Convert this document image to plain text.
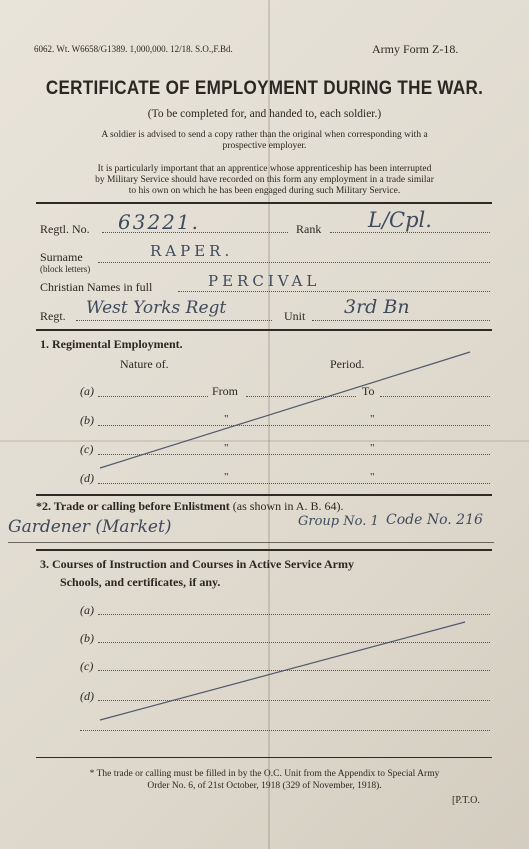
6062. Wt. W6658/G1389. 1,000,000. 12/18. S.O.,F.Bd.	Army Form Z-18.
CERTIFICATE OF EMPLOYMENT DURING THE WAR.
(To be completed for, and handed to, each soldier.)
A soldier is advised to send a copy rather than the original when corresponding with a
prospective employer.
It is particularly important that an apprentice whose apprenticeship has been interrupted
by Military Service should have recorded on this form any employment in a trade similar
to his own on which he has been engaged during such Military Service.
Regtl. No. 63221.	Rank L/Cpl.
Surname
(block letters)
RAPER.
Christian Names in full	PERCIVAL
Regt. West Yorks Regt	Unit 3rd Bn
1. Regimental Employment.
Nature of.	Period.
(a)	From	To
(b)	"	"
(c)	"	"
(d)	"	"
*2. Trade or calling before Enlistment (as shown in A. B. 64).
Gardener (Market)	Group No. 1 Code No. 216
3. Courses of Instruction and Courses in Active Service Army
Schools, and certificates, if any.
(a)
(b)
(c)
(d)
* The trade or calling must be filled in by the O.C. Unit from the Appendix to Special Army
Order No. 6, of 21st October, 1918 (329 of November, 1918).
[P.T.O.
